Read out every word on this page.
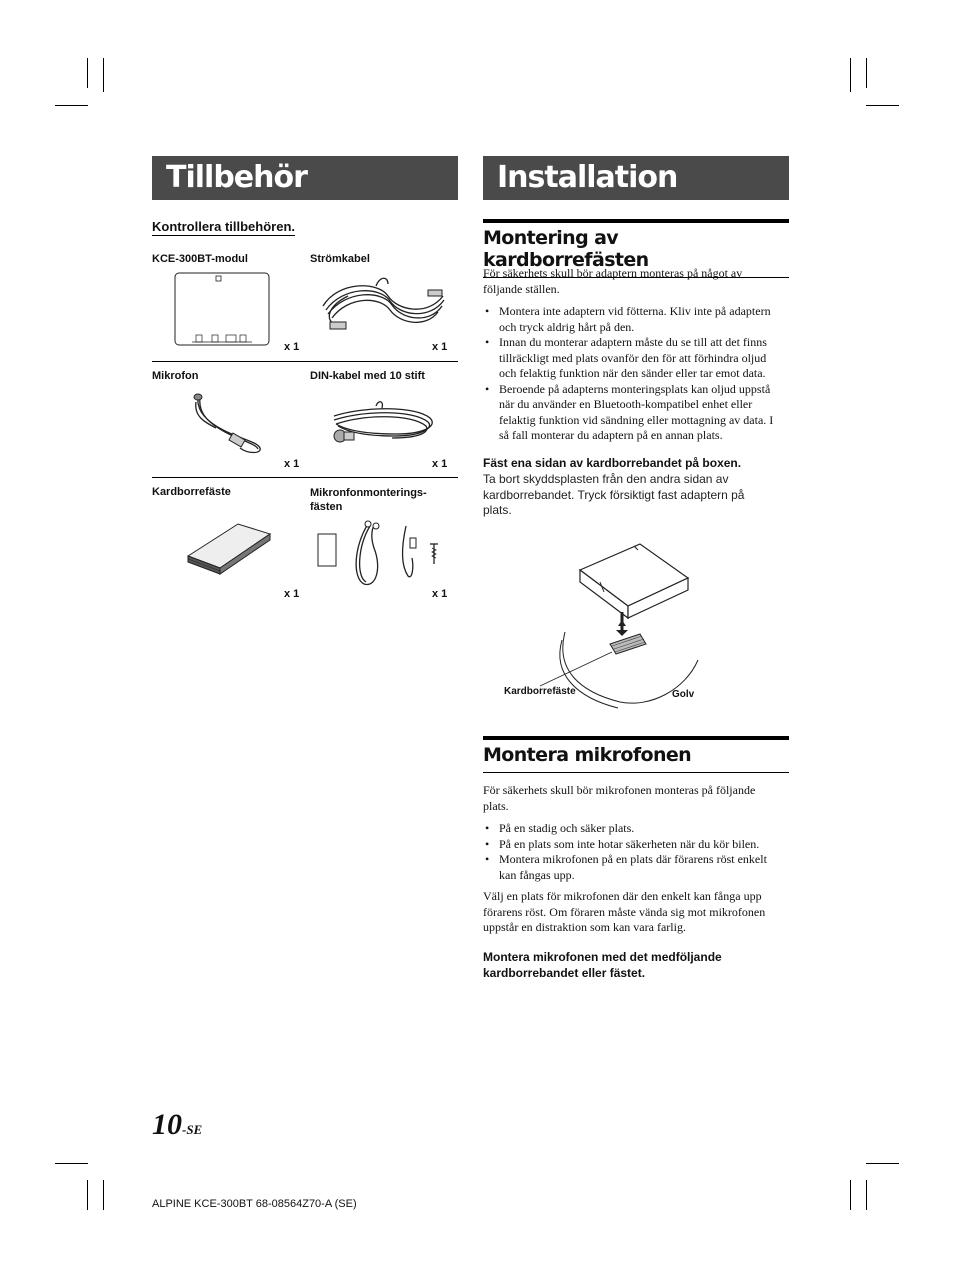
Tillbehör
Kontrollera tillbehören.
KCE-300BT-modul	Strömkabel
x 1	x 1
Mikrofon	DIN-kabel med 10 stift
x 1	x 1
Kardborrefäste	Mikronfonmonterings-
fästen
x 1	x 1
Installation
Montering av kardborrefästen
För säkerhets skull bör adaptern monteras på något av följande ställen.
• Montera inte adaptern vid fötterna. Kliv inte på adaptern och tryck aldrig hårt på den.
• Innan du monterar adaptern måste du se till att det finns tillräckligt med plats ovanför den för att förhindra oljud och felaktig funktion när den sänder eller tar emot data.
• Beroende på adapterns monteringsplats kan oljud uppstå när du använder en Bluetooth-kompatibel enhet eller felaktig funktion vid sändning eller mottagning av data. I så fall monterar du adaptern på en annan plats.
Fäst ena sidan av kardborrebandet på boxen.
Ta bort skyddsplasten från den andra sidan av kardborrebandet. Tryck försiktigt fast adaptern på plats.
Kardborrefäste	Golv
Montera mikrofonen
För säkerhets skull bör mikrofonen monteras på följande plats.
• På en stadig och säker plats.
• På en plats som inte hotar säkerheten när du kör bilen.
• Montera mikrofonen på en plats där förarens röst enkelt kan fångas upp.
Välj en plats för mikrofonen där den enkelt kan fånga upp förarens röst. Om föraren måste vända sig mot mikrofonen uppstår en distraktion som kan vara farlig.
Montera mikrofonen med det medföljande kardborrebandet eller fästet.
10-SE
ALPINE KCE-300BT 68-08564Z70-A (SE)
